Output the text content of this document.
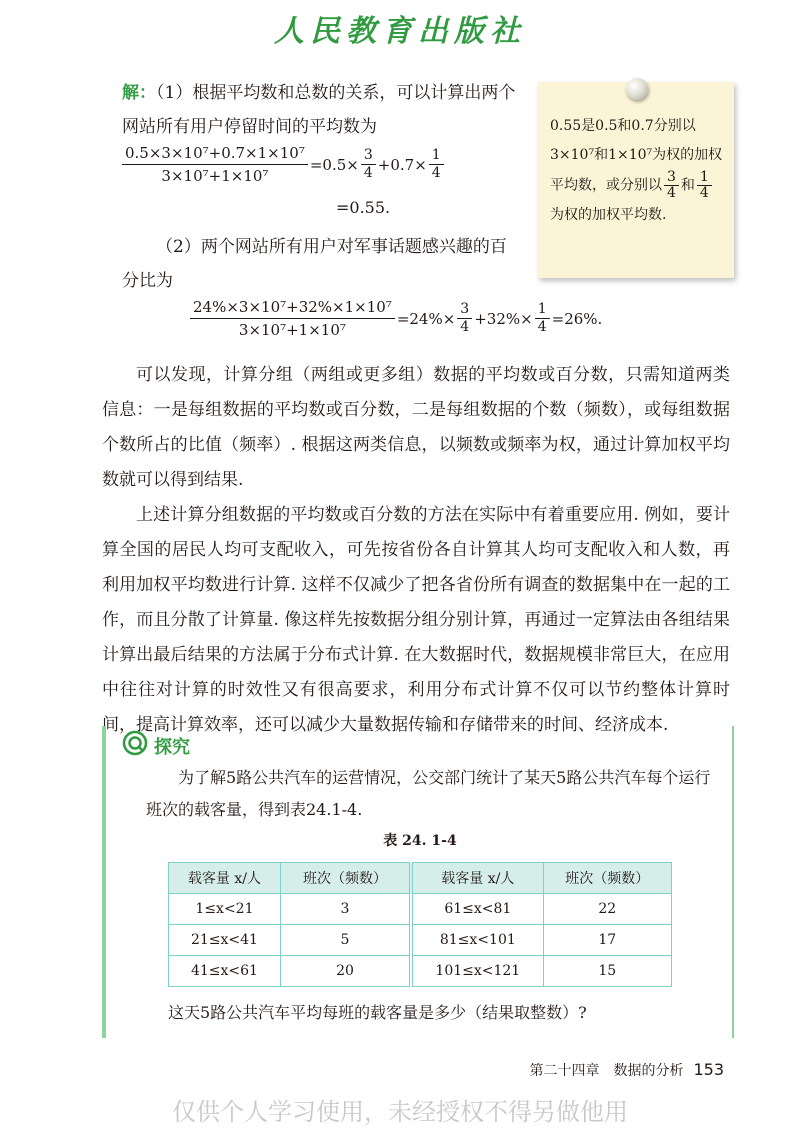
人民教育出版社
解：（1）根据平均数和总数的关系，可以计算出两个网站所有用户停留时间的平均数为
$\frac{\text{0.5×3×10⁷+0.7×1×10⁷}}{\text{3×10⁷+1×10⁷}} =0.5\times \frac{3}{4} +0.7\times \frac{1}{4}$
=0.55.
（2）两个网站所有用户对军事话题感兴趣的百分比为
$\frac{\text{24\%×3×10⁷+32\%×1×10⁷}}{\text{3×10⁷+1×10⁷}} =24\%\times \frac{3}{4} +32\%\times \frac{1}{4} =26\%$.
0.55是0.5和0.7分别以3×10⁷和1×10⁷为权的加权平均数，或分别以 $\frac{3}{4}$ 和 $\frac{1}{4}$
为权的加权平均数.
可以发现，计算分组（两组或更多组）数据的平均数或百分数，只需知道两类信息：一是每组数据的平均数或百分数，二是每组数据的个数（频数），或每组数据个数所占的比值（频率）. 根据这两类信息，以频数或频率为权，通过计算加权平均数就可以得到结果.
上述计算分组数据的平均数或百分数的方法在实际中有着重要应用. 例如，要计算全国的居民人均可支配收入，可先按省份各自计算其人均可支配收入和人数，再利用加权平均数进行计算. 这样不仅减少了把各省份所有调查的数据集中在一起的工作，而且分散了计算量. 像这样先按数据分组分别计算，再通过一定算法由各组结果计算出最后结果的方法属于分布式计算. 在大数据时代，数据规模非常巨大，在应用中往往对计算的时效性又有很高要求，利用分布式计算不仅可以节约整体计算时间，提高计算效率，还可以减少大量数据传输和存储带来的时间、经济成本.
探究
为了解5路公共汽车的运营情况，公交部门统计了某天5路公共汽车每个运行班次的载客量，得到表24.1-4.
表 24. 1-4
载客量 x/人	班次（频数）	载客量 x/人	班次（频数）
1≤x<21	3	61≤x<81	22
21≤x<41	5	81≤x<101	17
41≤x<61	20	101≤x<121	15
这天5路公共汽车平均每班的载客量是多少（结果取整数）?
第二十四章 数据的分析 153
仅供个人学习使用，未经授权不得另做他用
